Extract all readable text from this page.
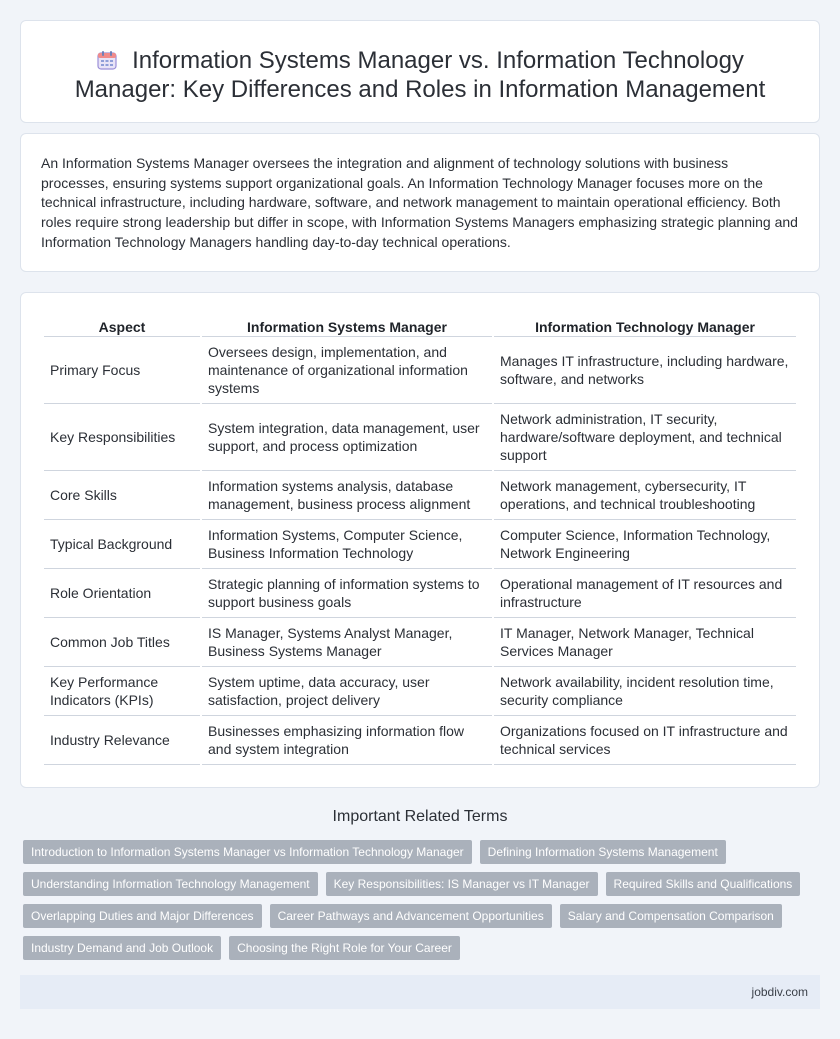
Information Systems Manager vs. Information Technology Manager: Key Differences and Roles in Information Management

An Information Systems Manager oversees the integration and alignment of technology solutions with business processes, ensuring systems support organizational goals. An Information Technology Manager focuses more on the technical infrastructure, including hardware, software, and network management to maintain operational efficiency. Both roles require strong leadership but differ in scope, with Information Systems Managers emphasizing strategic planning and Information Technology Managers handling day-to-day technical operations.

Aspect	Information Systems Manager	Information Technology Manager
Primary Focus	Oversees design, implementation, and maintenance of organizational information systems	Manages IT infrastructure, including hardware, software, and networks
Key Responsibilities	System integration, data management, user support, and process optimization	Network administration, IT security, hardware/software deployment, and technical support
Core Skills	Information systems analysis, database management, business process alignment	Network management, cybersecurity, IT operations, and technical troubleshooting
Typical Background	Information Systems, Computer Science, Business Information Technology	Computer Science, Information Technology, Network Engineering
Role Orientation	Strategic planning of information systems to support business goals	Operational management of IT resources and infrastructure
Common Job Titles	IS Manager, Systems Analyst Manager, Business Systems Manager	IT Manager, Network Manager, Technical Services Manager
Key Performance Indicators (KPIs)	System uptime, data accuracy, user satisfaction, project delivery	Network availability, incident resolution time, security compliance
Industry Relevance	Businesses emphasizing information flow and system integration	Organizations focused on IT infrastructure and technical services
Important Related Terms
Introduction to Information Systems Manager vs Information Technology Manager	Defining Information Systems Management
Understanding Information Technology Management	Key Responsibilities: IS Manager vs IT Manager	Required Skills and Qualifications
Overlapping Duties and Major Differences	Career Pathways and Advancement Opportunities	Salary and Compensation Comparison
Industry Demand and Job Outlook	Choosing the Right Role for Your Career
jobdiv.com
